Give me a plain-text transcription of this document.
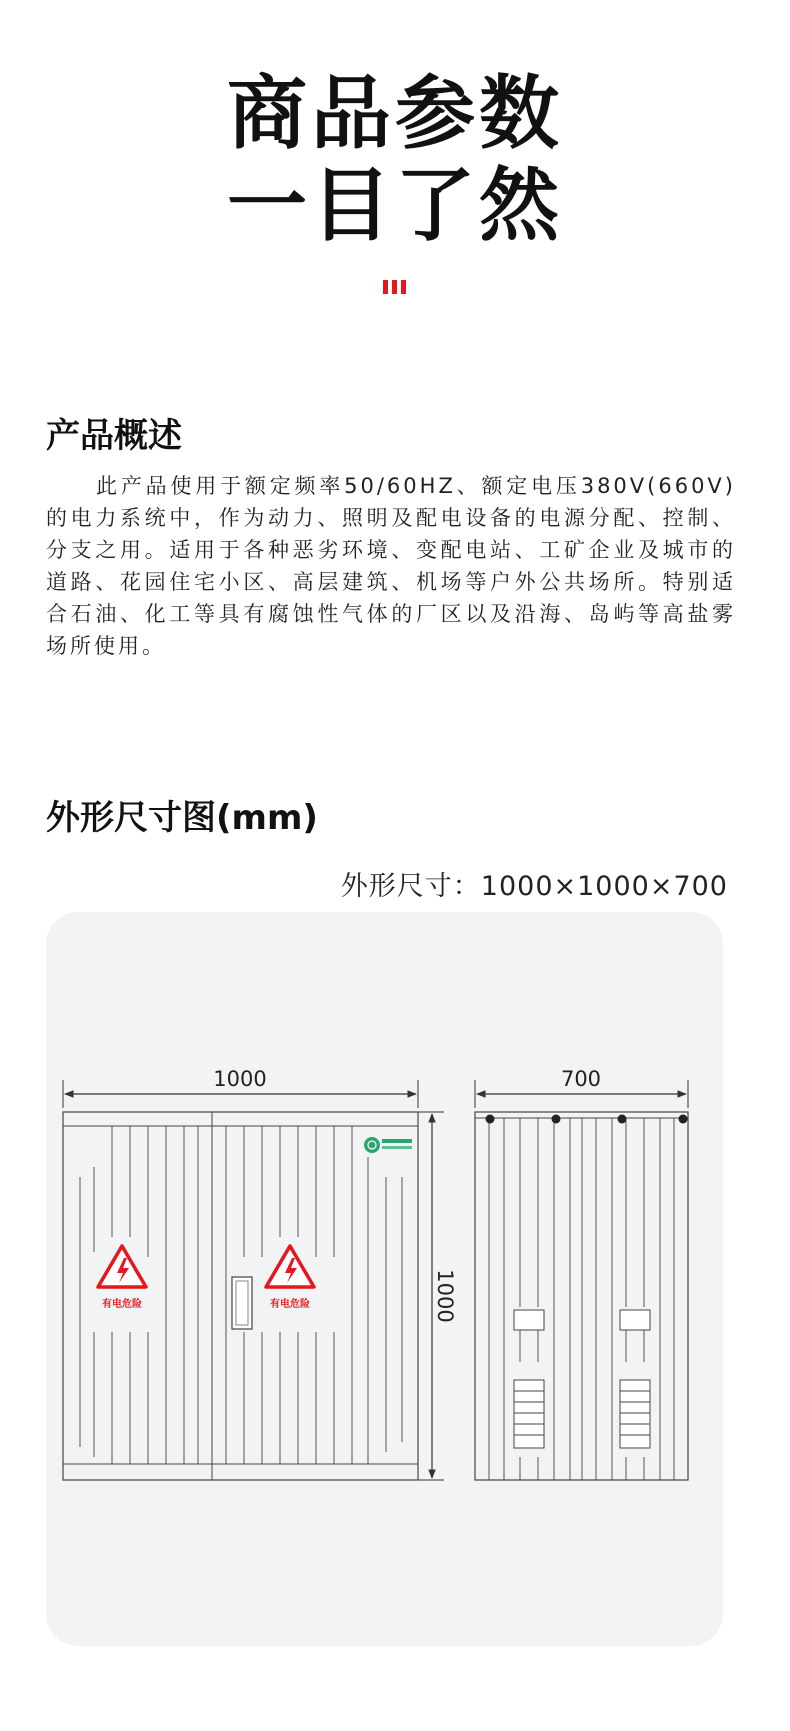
商品参数
一目了然
产品概述

此产品使用于额定频率50/60HZ、额定电压380V(660V)的电力系统中，作为动力、照明及配电设备的电源分配、控制、分支之用。适用于各种恶劣环境、变配电站、工矿企业及城市的道路、花园住宅小区、高层建筑、机场等户外公共场所。特别适合石油、化工等具有腐蚀性气体的厂区以及沿海、岛屿等高盐雾场所使用。

外形尺寸图(mm)
外形尺寸：1000×1000×700
1000
1000
有电危险	有电危险
700
